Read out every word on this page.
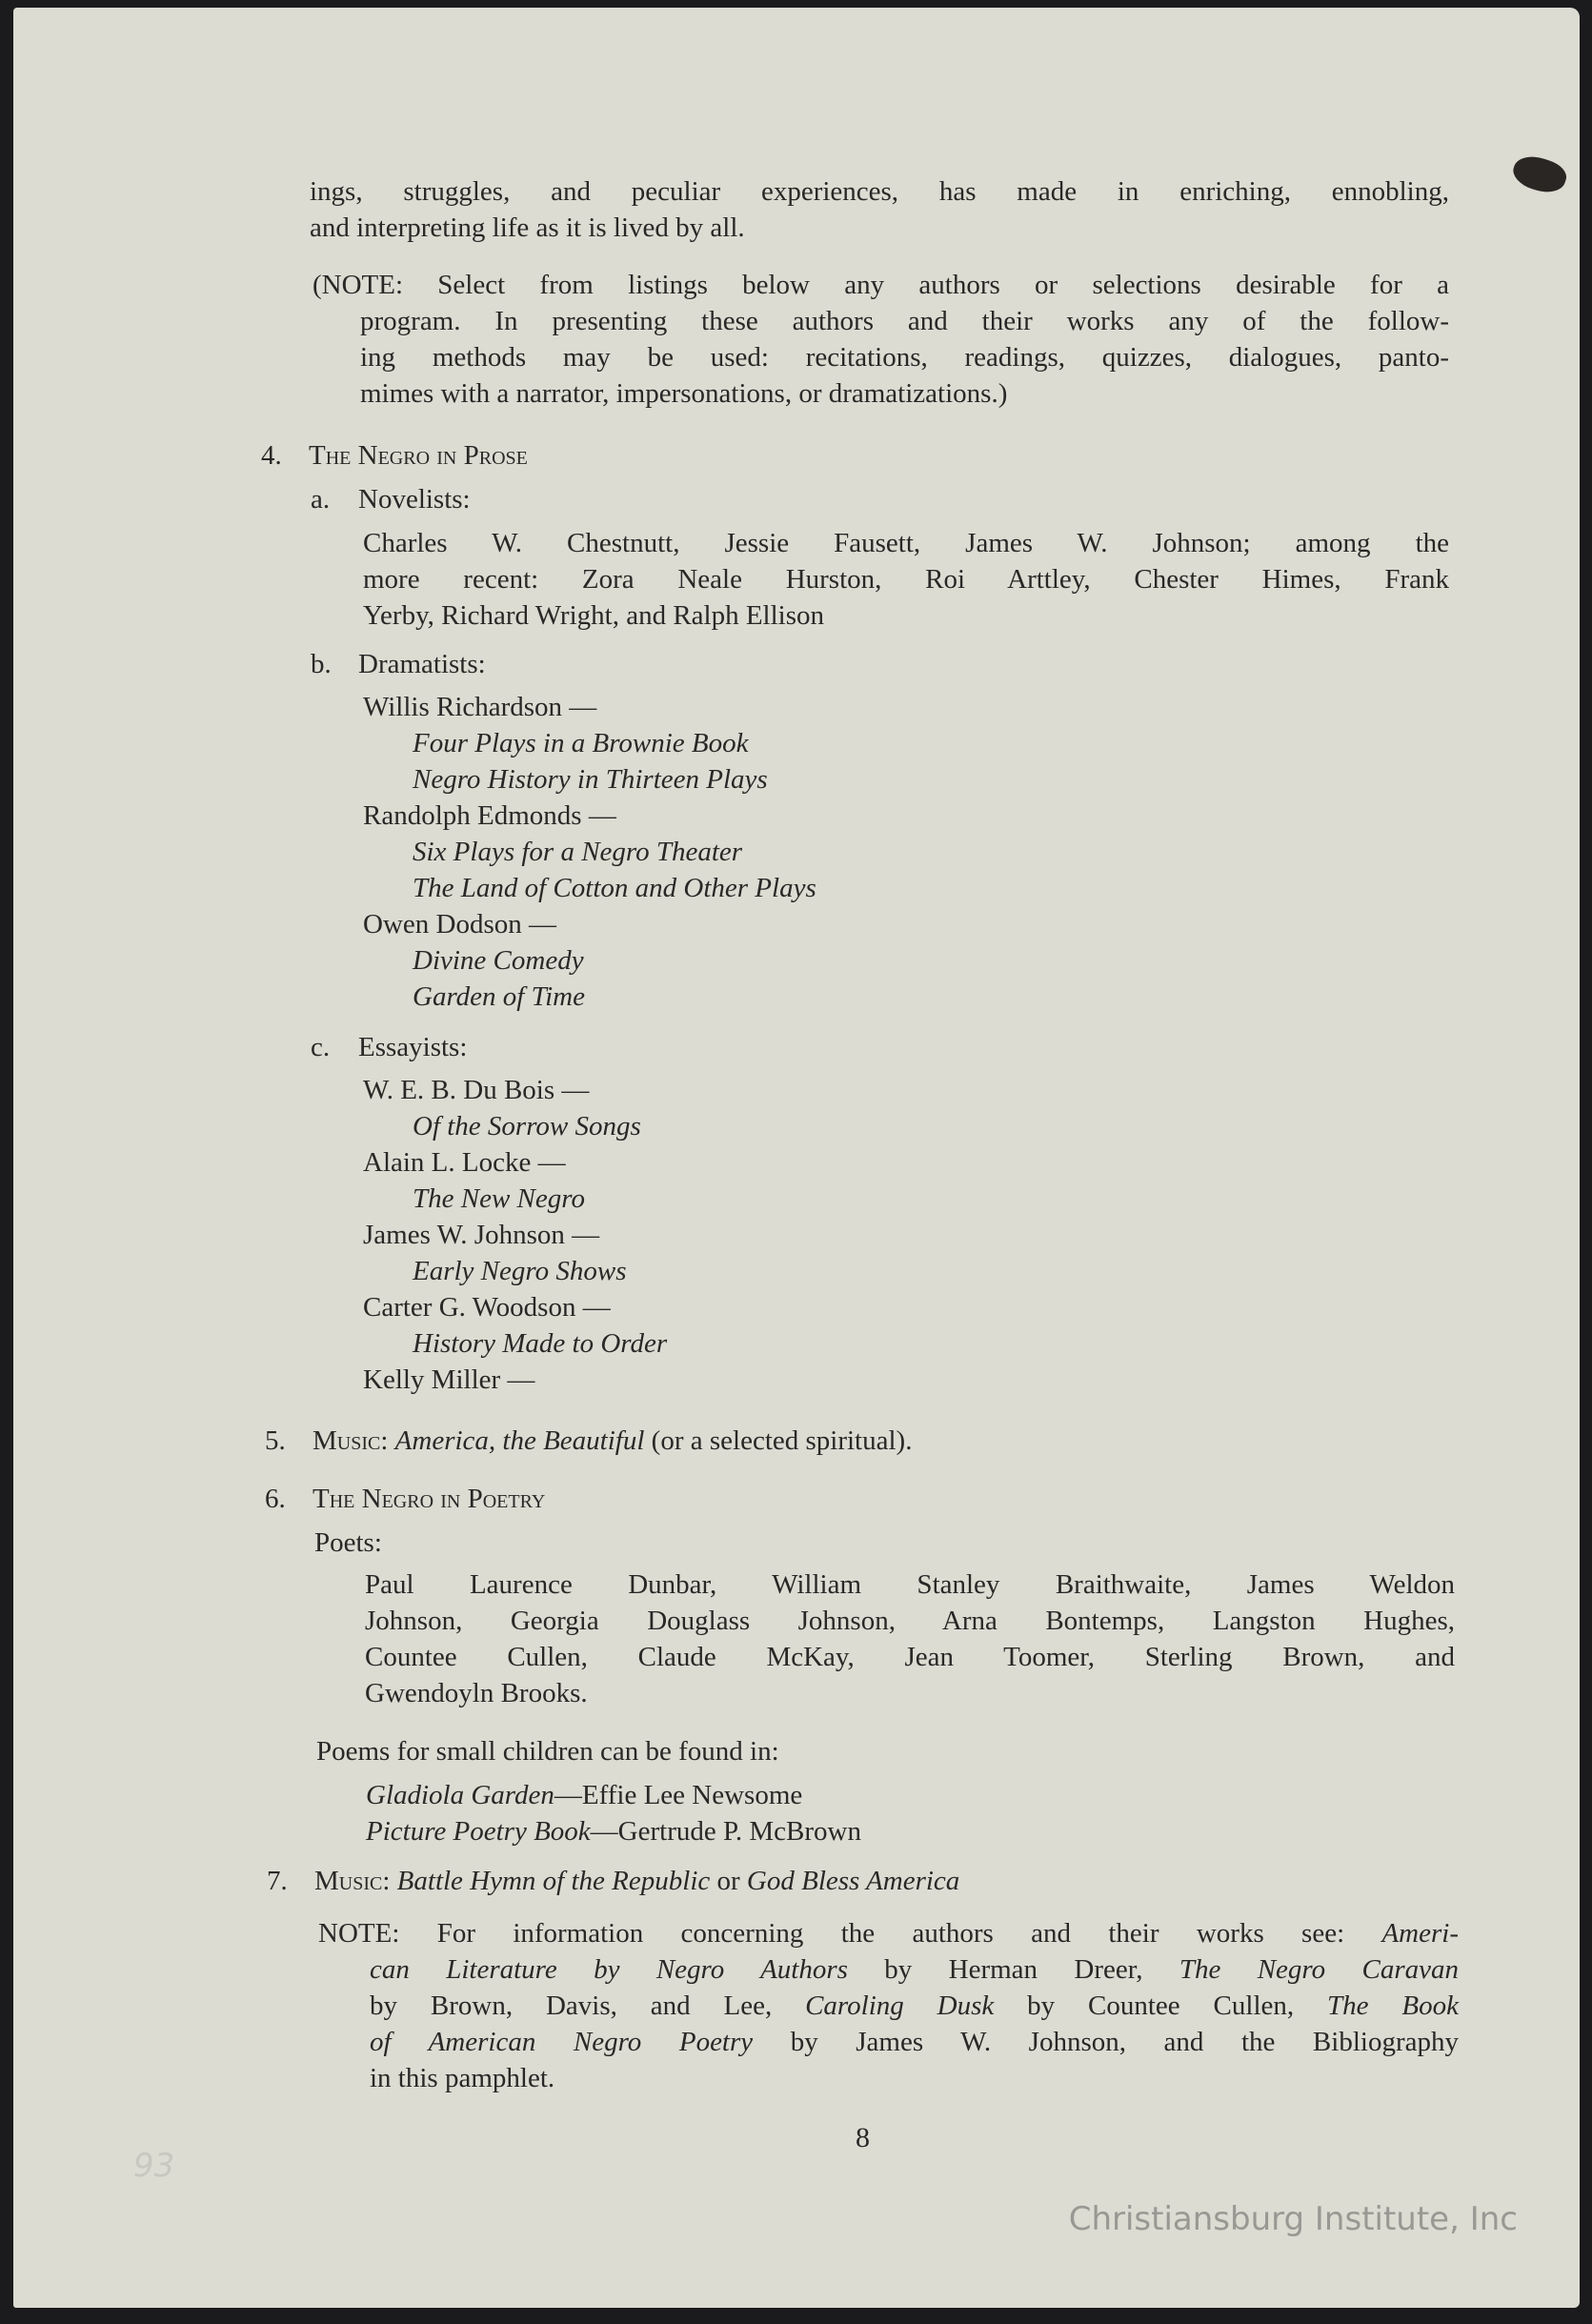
ings, struggles, and peculiar experiences, has made in enriching, ennobling,
and interpreting life as it is lived by all.
(NOTE: Select from listings below any authors or selections desirable for a
program. In presenting these authors and their works any of the follow-
ing methods may be used: recitations, readings, quizzes, dialogues, panto-
mimes with a narrator, impersonations, or dramatizations.)
4. The Negro in Prose
a. Novelists:
Charles W. Chestnutt, Jessie Fausett, James W. Johnson; among the
more recent: Zora Neale Hurston, Roi Arttley, Chester Himes, Frank
Yerby, Richard Wright, and Ralph Ellison
b. Dramatists:
Willis Richardson —
Four Plays in a Brownie Book
Negro History in Thirteen Plays
Randolph Edmonds —
Six Plays for a Negro Theater
The Land of Cotton and Other Plays
Owen Dodson —
Divine Comedy
Garden of Time
c. Essayists:
W. E. B. Du Bois —
Of the Sorrow Songs
Alain L. Locke —
The New Negro
James W. Johnson —
Early Negro Shows
Carter G. Woodson —
History Made to Order
Kelly Miller —
5. Music: America, the Beautiful (or a selected spiritual).
6. The Negro in Poetry
Poets:
Paul Laurence Dunbar, William Stanley Braithwaite, James Weldon
Johnson, Georgia Douglass Johnson, Arna Bontemps, Langston Hughes,
Countee Cullen, Claude McKay, Jean Toomer, Sterling Brown, and
Gwendoyln Brooks.
Poems for small children can be found in:
Gladiola Garden—Effie Lee Newsome
Picture Poetry Book—Gertrude P. McBrown
7. Music: Battle Hymn of the Republic or God Bless America
NOTE: For information concerning the authors and their works see: Ameri-
can Literature by Negro Authors by Herman Dreer, The Negro Caravan
by Brown, Davis, and Lee, Caroling Dusk by Countee Cullen, The Book
of American Negro Poetry by James W. Johnson, and the Bibliography
in this pamphlet.
8
93
Christiansburg Institute, Inc
